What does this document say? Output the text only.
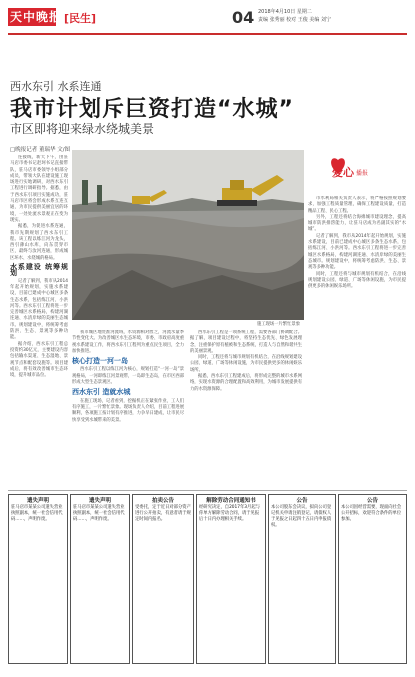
天中晚报 [民生]	04 2018年4月10日 星期二
责编 张秀丽 校对 王俊 美编 刘宁
西水东引 水系连通
我市计划斥巨资打造“水城”
市区即将迎来绿水绕城美景
□晚报记者 董瑞华 文/图

连接线，新天下午，由驻马店市委书记赵珂书记直接带队，驻马店市委领导小组部分成员，带领大队在建设施工现场进行实地调研，对西水东引工程进行调研指导。据悉，由于西水东引项目实施成功，驻马店市区将会形成水系互连互通，为市民提供美丽宜居的环境，一处处流水景观正在变为现实。

据悉，为促进水系连通，我市先期规划了西水东引工程。该工程以练江河为龙头，西引薄山水库，向东贯穿市区，最终与汝河连通，形成城区环水、水绕城的格局。

水系建设 统筹规划

记者了解到，我市从2014年起开始规划，实施水系建设，目前已建成中心城区多条生态水系，包括练江河、小洪河等。西水东引工程将进一步完善城区水系格局，构建河湖连通、水清岸绿的美丽生态城市。规划建设中，将统筹考虑防洪、生态、景观等多种功能。

据介绍，西水东引工程总投资约30亿元，主要建设内容包括输水渠道、生态湿地、景观节点和配套设施等。项目建成后，将有效改善城市生态环境，提升城市品位。

施工现场一片繁忙景象

我市城区地处淮河流域，水资源相对匮乏，河流水量季节性变化大。为改善城区水生态环境，市委、市政府高度重视水系建设工作，将西水东引工程列为重点民生项目，全力加快推进。

核心打造一河一岛

西水东引工程以练江河为核心，规划打造“一河一岛”景观格局，一河即练江河景观带，一岛即生态岛，在市区西部形成大型生态景观区。

西水东引 造就水城

在施工现场，记者看到，挖掘机正在紧张作业，工人们有序施工，一片繁忙景象。现场负责人介绍，目前工程进展顺利，各项施工按计划有序推进，力争早日建成，让市民尽快享受到水城带来的美景。

西水东引工程是一项系统工程，需要各部门协调配合。据了解，项目建设过程中，将坚持生态优先、绿色发展理念，注重保护原有植被和生态系统，打造人与自然和谐共生的美丽景观。

同时，工程还将与城市规划有机结合，在沿线规划建设公园、绿道、广场等休闲设施，为市民提供更多的休闲娱乐场所。

据悉，西水东引工程建成后，将形成完整的城市水系网络，实现水资源的合理配置和高效利用，为城市发展提供有力的水资源保障。

爱心 播报

市水利局相关负责人表示，将严格按照规划要求，加强工程质量管理，确保工程建设质量，打造精品工程、民心工程。

另外，工程还将结合海绵城市建设理念，提高城市防洪排涝能力，让驻马店成为名副其实的“水城”。

记者了解到，我市从2014年起开始规划，实施水系建设，目前已建成中心城区多条生态水系，包括练江河、小洪河等。西水东引工程将进一步完善城区水系格局，构建河湖连通、水清岸绿的美丽生态城市。规划建设中，将统筹考虑防洪、生态、景观等多种功能。

同时，工程还将与城市规划有机结合，在沿线规划建设公园、绿道、广场等休闲设施，为市民提供更多的休闲娱乐场所。

遗失声明
驻马店市某某公司遗失营业执照副本，统一社会信用代码……，声明作废。
遗失声明
驻马店市某某公司遗失营业执照副本，统一社会信用代码……，声明作废。
拍卖公告
受委托，定于近日对部分资产进行公开拍卖，有意者请于规定时间内报名。
解除劳动合同通知书
经研究决定，自2017年3月起与你单方解除劳动合同，请于见报后十日内办理相关手续。
公告
本公司股东会决议，拟向公司登记机关申请注销登记，请债权人于见报之日起四十五日内申报债权。
公告
本公司因经营需要，现面向社会公开招标，欢迎符合条件的单位参加。
